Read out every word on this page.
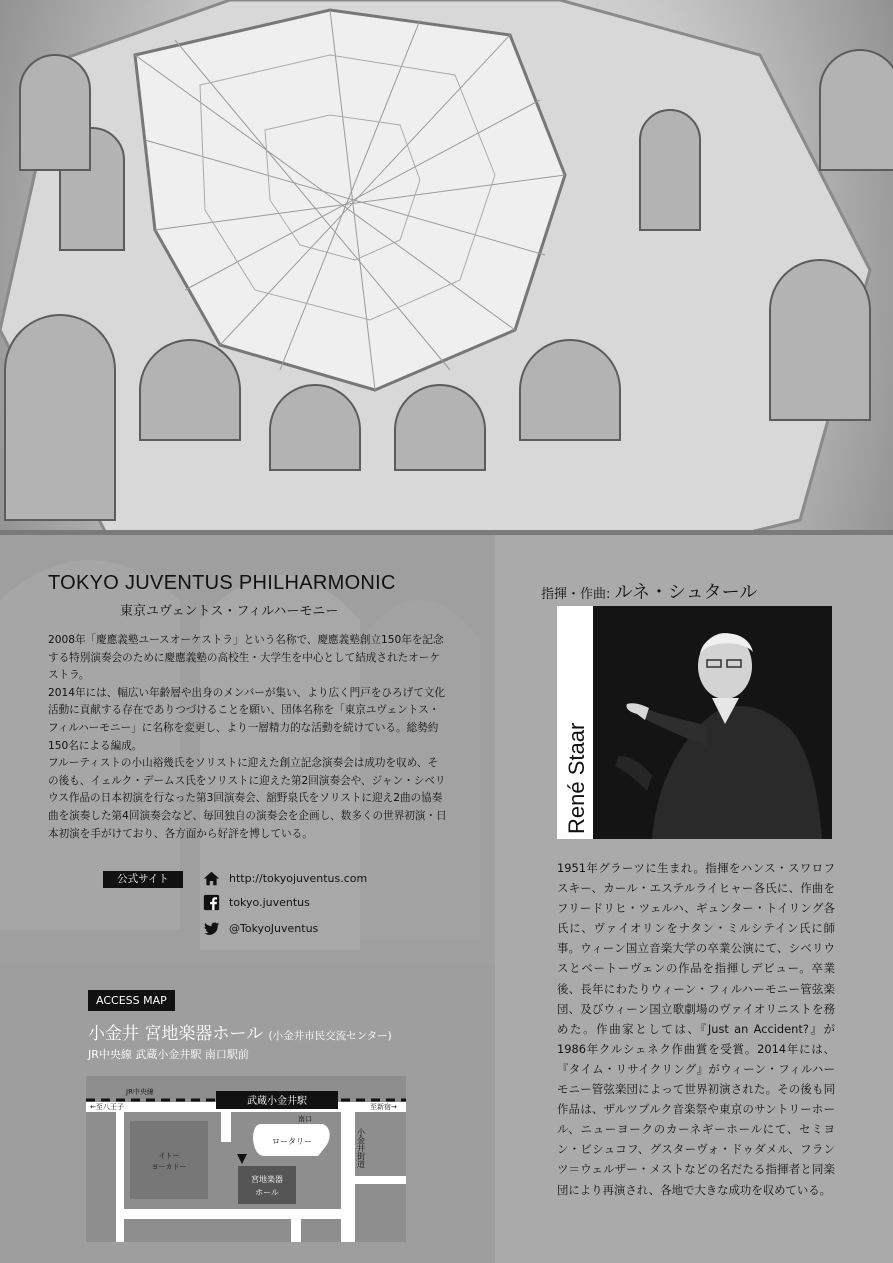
TOKYO JUVENTUS PHILHARMONIC
東京ユヴェントス・フィルハーモニー

2008年「慶應義塾ユースオーケストラ」という名称で、慶應義塾創立150年を記念する特別演奏会のために慶應義塾の高校生・大学生を中心として結成されたオーケストラ。

2014年には、幅広い年齢層や出身のメンバーが集い、より広く門戸をひろげて文化活動に貢献する存在でありつづけることを願い、団体名称を「東京ユヴェントス・フィルハーモニー」に名称を変更し、より一層精力的な活動を続けている。総勢約150名による編成。

フルーティストの小山裕幾氏をソリストに迎えた創立記念演奏会は成功を収め、その後も、イェルク・デームス氏をソリストに迎えた第2回演奏会や、ジャン・シベリウス作品の日本初演を行なった第3回演奏会、舘野泉氏をソリストに迎え2曲の協奏曲を演奏した第4回演奏会など、毎回独自の演奏会を企画し、数多くの世界初演・日本初演を手がけており、各方面から好評を博している。

公式サイト	http://tokyojuventus.com
tokyo.juventus
@TokyoJuventus
指揮・作曲: ルネ・シュタール
René Staar
1951年グラーツに生まれ。指揮をハンス・スワロフスキー、カール・エステルライヒャー各氏に、作曲をフリードリヒ・ツェルハ、ギュンター・トイリング各氏に、ヴァイオリンをナタン・ミルシテイン氏に師事。ウィーン国立音楽大学の卒業公演にて、シベリウスとベートーヴェンの作品を指揮しデビュー。卒業後、長年にわたりウィーン・フィルハーモニー管弦楽団、及びウィーン国立歌劇場のヴァイオリニストを務めた。作曲家としては、『Just an Accident?』が1986年クルシェネク作曲賞を受賞。2014年には、『タイム・リサイクリング』がウィーン・フィルハーモニー管弦楽団によって世界初演された。その後も同作品は、ザルツブルク音楽祭や東京のサントリーホール、ニューヨークのカーネギーホールにて、セミヨン・ビシュコフ、グスターヴォ・ドゥダメル、フランツ＝ウェルザー・メストなどの名だたる指揮者と同楽団により再演され、各地で大きな成功を収めている。
ACCESS MAP
小金井 宮地楽器ホール (小金井市民交流センター)
JR中央線 武蔵小金井駅 南口駅前
JR中央線
←至八王子	至新宿→
武蔵小金井駅
南口
ロータリー
イトー
ヨーカドー
宮地楽器
ホール
小金井街道
